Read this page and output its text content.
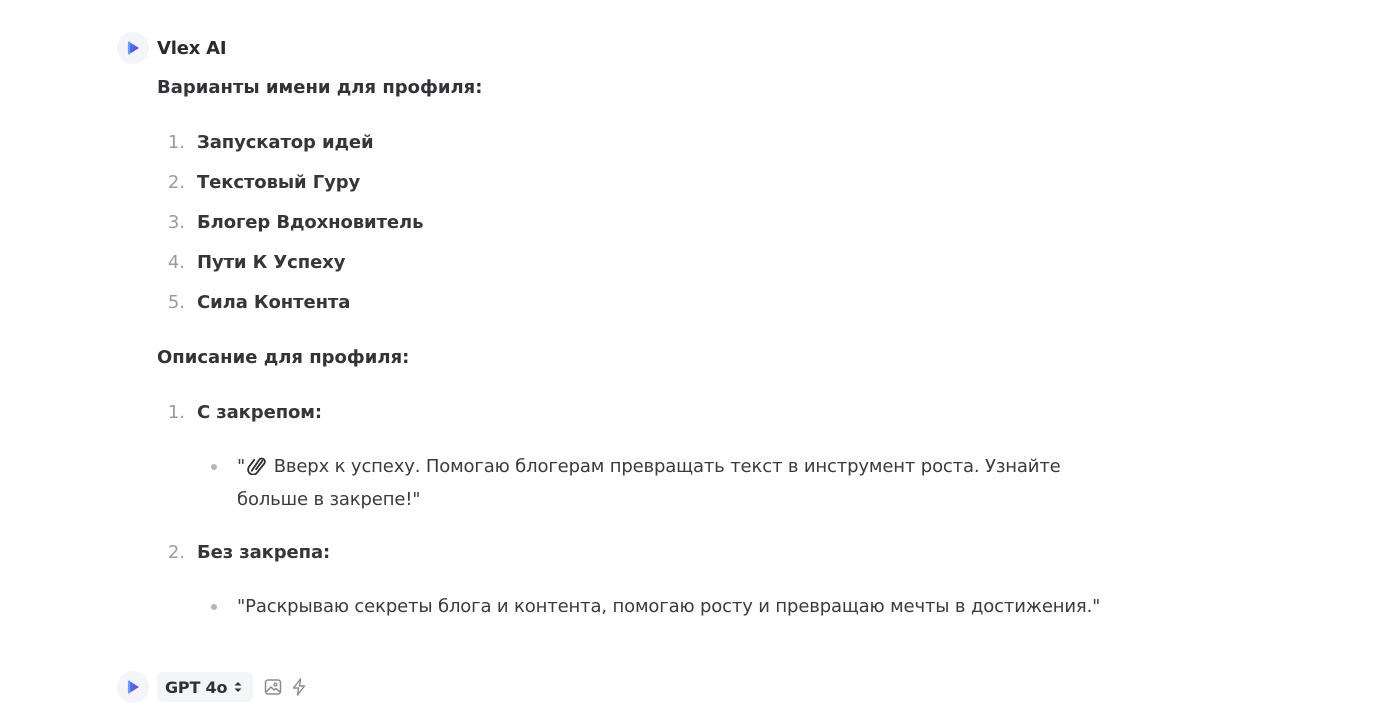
Vlex AI
Варианты имени для профиля:
1. Запускатор идей
2. Текстовый Гуру
3. Блогер Вдохновитель
4. Пути К Успеху
5. Сила Контента
Описание для профиля:
1. С закрепом:
" Вверх к успеху. Помогаю блогерам превращать текст в инструмент роста. Узнайте больше в закрепе!"
2. Без закрепа:
"Раскрываю секреты блога и контента, помогаю росту и превращаю мечты в достижения."
GPT 4o
